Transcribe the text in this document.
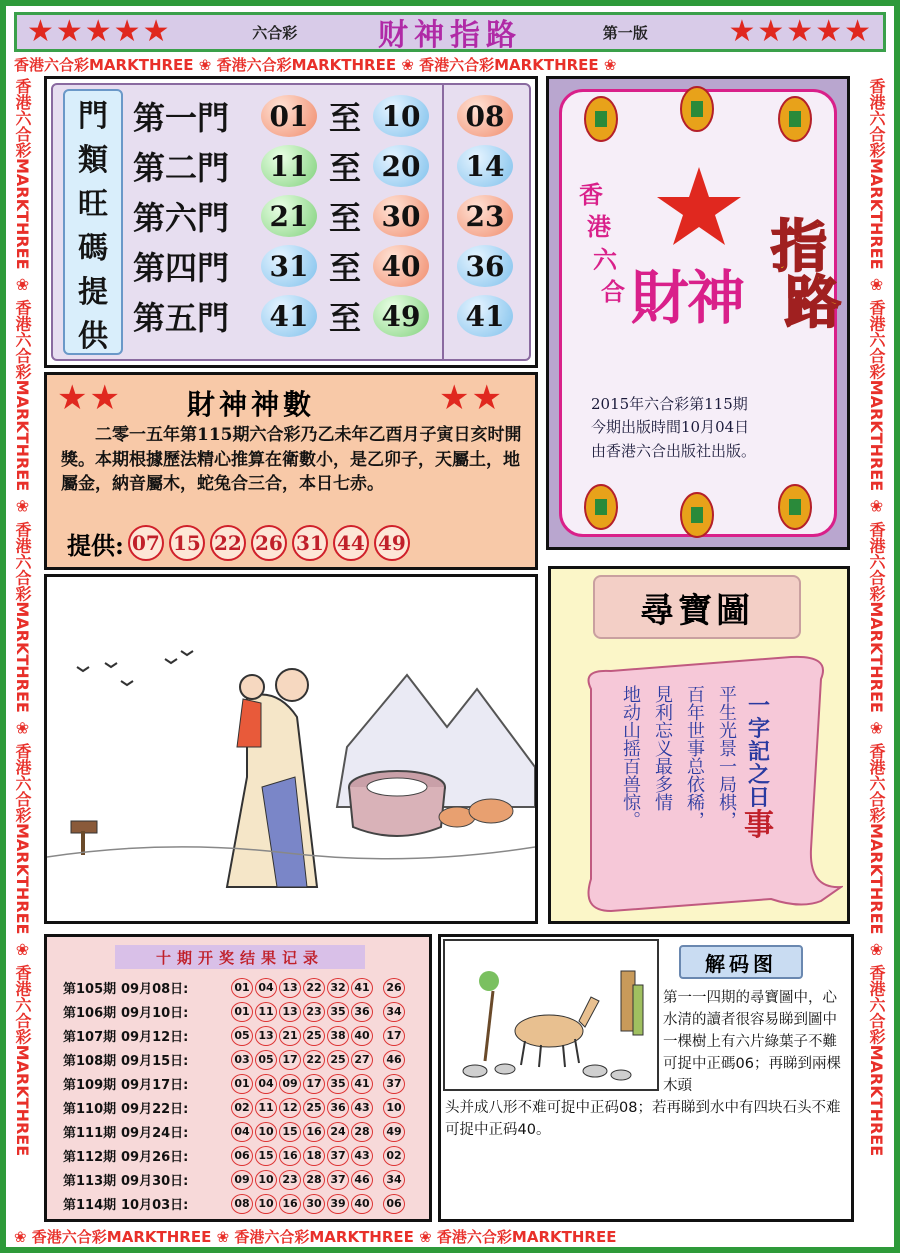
★★★★★	六合彩	财神指路	第一版	★★★★★
香港六合彩MARKTHREE ❀ 香港六合彩MARKTHREE ❀ 香港六合彩MARKTHREE ❀
❀ 香港六合彩MARKTHREE ❀ 香港六合彩MARKTHREE ❀ 香港六合彩MARKTHREE
香港六合彩MARKTHREE ❀ 香港六合彩MARKTHREE ❀ 香港六合彩MARKTHREE ❀ 香港六合彩MARKTHREE ❀ 香港六合彩MARKTHREE
香港六合彩MARKTHREE ❀ 香港六合彩MARKTHREE ❀ 香港六合彩MARKTHREE ❀ 香港六合彩MARKTHREE ❀ 香港六合彩MARKTHREE
門
類
旺
碼
提
供
第一門	01 至 10	08
第二門	11 至 20	14
第六門	21 至 30	23
第四門	31 至 40	36
第五門	41 至 49	41
香
港
六
合 財神
指
路
2015年六合彩第115期
今期出版時間10月04日
由香港六合出版社出版。
★★ 財神神數	★★
二零一五年第115期六合彩乃乙未年乙酉月子寅日亥时開獎。本期根據歷法精心推算在衛數小，是乙卯子，天屬土，地屬金，納音屬木，蛇兔合三合，本日七赤。
提供: 07 15 22 26 31 44 49
尋寶圖
平生光景一局棋，
百年世事总依稀，
見利忘义最多情
地动山摇百兽惊。	一
字
記
之
日
事
十期开奖结果记录
第105期 09月08日:	01 04 13 22 32 41	26
第106期 09月10日:	01 11 13 23 35 36	34
第107期 09月12日:	05 13 21 25 38 40	17
第108期 09月15日:	03 05 17 22 25 27	46
第109期 09月17日:	01 04 09 17 35 41	37
第110期 09月22日:	02 11 12 25 36 43	10
第111期 09月24日:	04 10 15 16 24 28	49
第112期 09月26日:	06 15 16 18 37 43	02
第113期 09月30日:	09 10 23 28 37 46	34
第114期 10月03日:	08 10 16 30 39 40	06
解码图
第一一四期的尋寶圖中，心水清的讀者很容易睇到圖中一棵樹上有六片綠葉子不難可捉中正碼06；再睇到兩棵木頭
头并成八形不难可捉中正码08；若再睇到水中有四块石头不难可捉中正码40。
